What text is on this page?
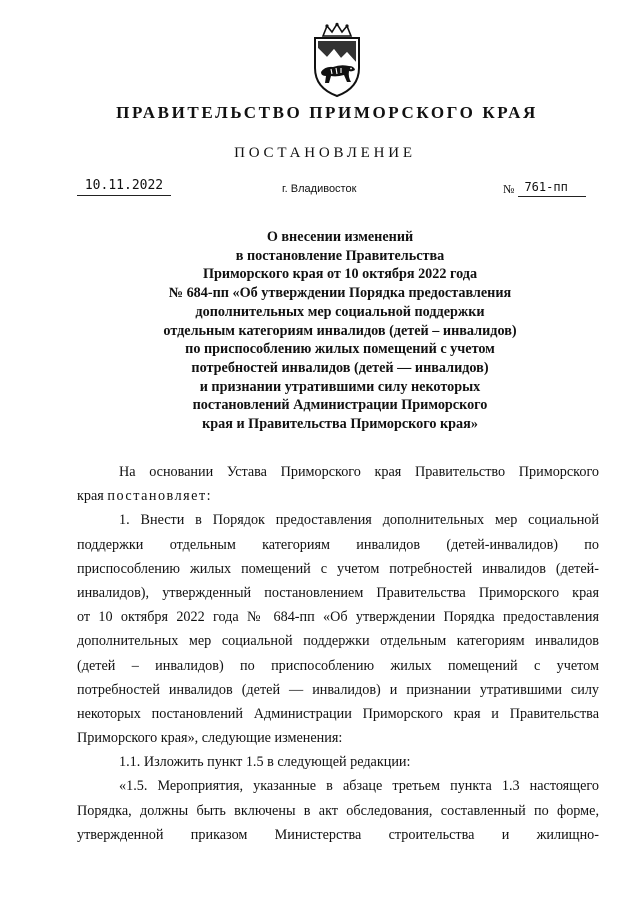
ПРАВИТЕЛЬСТВО ПРИМОРСКОГО КРАЯ
ПОСТАНОВЛЕНИЕ
10.11.2022	г. Владивосток	№ 761-пп
О внесении изменений
в постановление Правительства
Приморского края от 10 октября 2022 года
№ 684-пп «Об утверждении Порядка предоставления
дополнительных мер социальной поддержки
отдельным категориям инвалидов (детей – инвалидов)
по приспособлению жилых помещений с учетом
потребностей инвалидов (детей — инвалидов)
и признании утратившими силу некоторых
постановлений Администрации Приморского
края и Правительства Приморского края»
На основании Устава Приморского края Правительство Приморского
края постановляет:
1. Внести в Порядок предоставления дополнительных мер социальной
поддержки отдельным категориям инвалидов (детей-инвалидов) по
приспособлению жилых помещений с учетом потребностей инвалидов (детей-
инвалидов), утвержденный постановлением Правительства Приморского края
от 10 октября 2022 года № 684-пп «Об утверждении Порядка предоставления
дополнительных мер социальной поддержки отдельным категориям инвалидов
(детей – инвалидов) по приспособлению жилых помещений с учетом
потребностей инвалидов (детей — инвалидов) и признании утратившими силу
некоторых постановлений Администрации Приморского края и Правительства
Приморского края», следующие изменения:
1.1. Изложить пункт 1.5 в следующей редакции:
«1.5. Мероприятия, указанные в абзаце третьем пункта 1.3 настоящего
Порядка, должны быть включены в акт обследования, составленный по форме,
утвержденной приказом Министерства строительства и жилищно-
